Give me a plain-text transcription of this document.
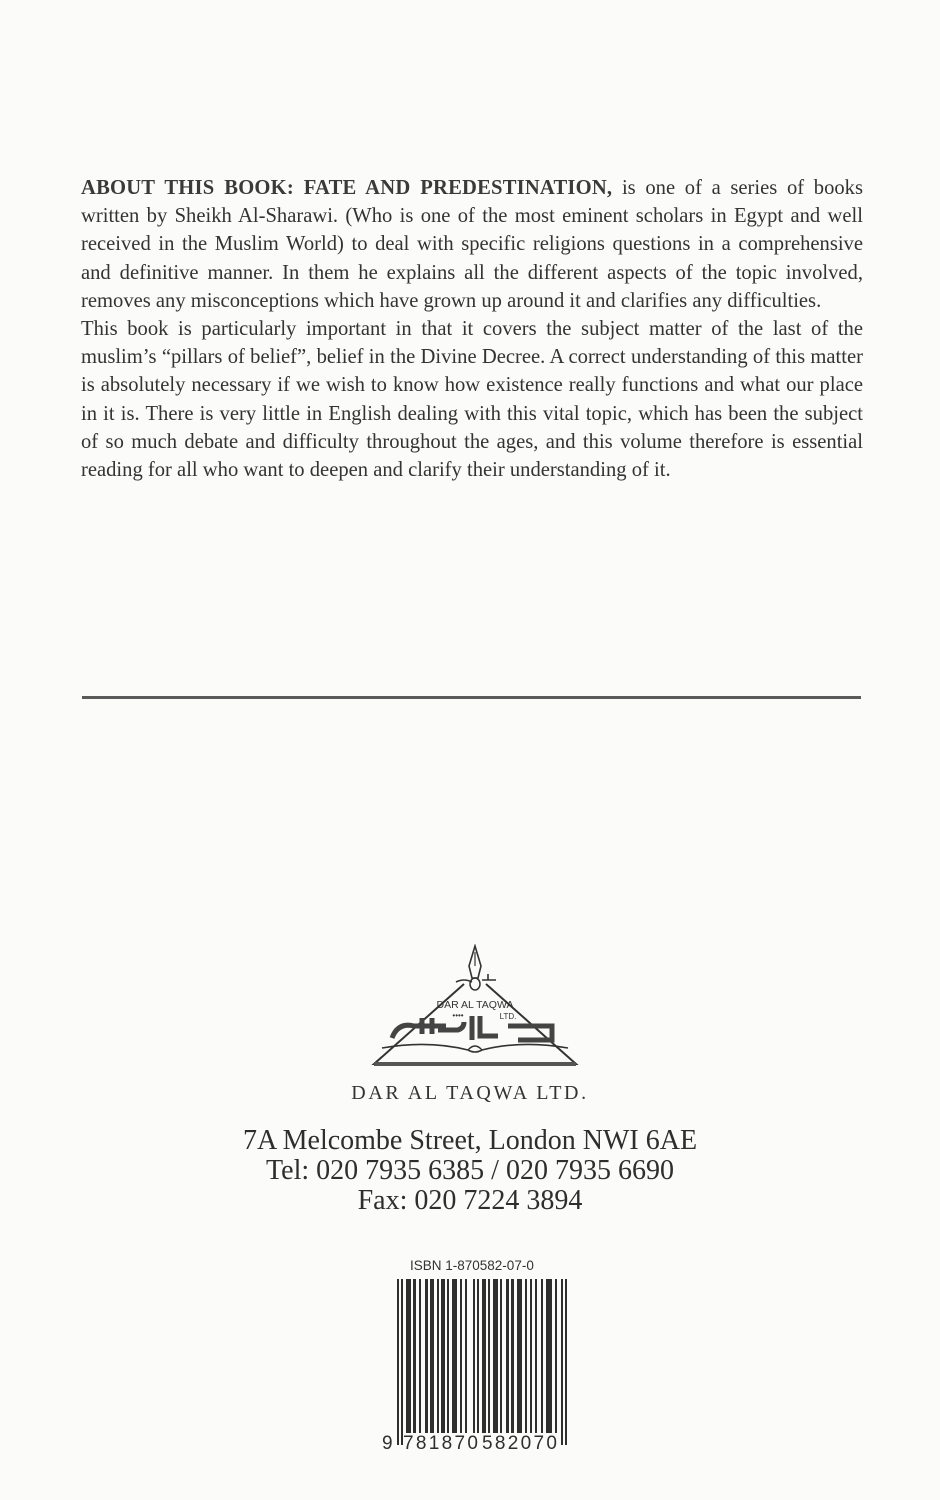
ABOUT THIS BOOK: FATE AND PREDESTINATION, is one of a series of books written by Sheikh Al-Sharawi. (Who is one of the most eminent scholars in Egypt and well received in the Muslim World) to deal with specific religions questions in a comprehensive and definitive manner. In them he explains all the different aspects of the topic involved, removes any misconceptions which have grown up around it and clarifies any difficulties.

This book is particularly important in that it covers the subject matter of the last of the muslim’s “pillars of belief”, belief in the Divine Decree. A correct understanding of this matter is absolutely necessary if we wish to know how existence really functions and what our place in it is. There is very little in English dealing with this vital topic, which has been the subject of so much debate and difficulty throughout the ages, and this volume therefore is essential reading for all who want to deepen and clarify their understanding of it.

DAR AL TAQWA
LTD.
••••
DAR AL TAQWA LTD.
7A Melcombe Street, London NWI 6AE
Tel: 020 7935 6385 / 020 7935 6690
Fax: 020 7224 3894
ISBN 1-870582-07-0
9 781870 582070
